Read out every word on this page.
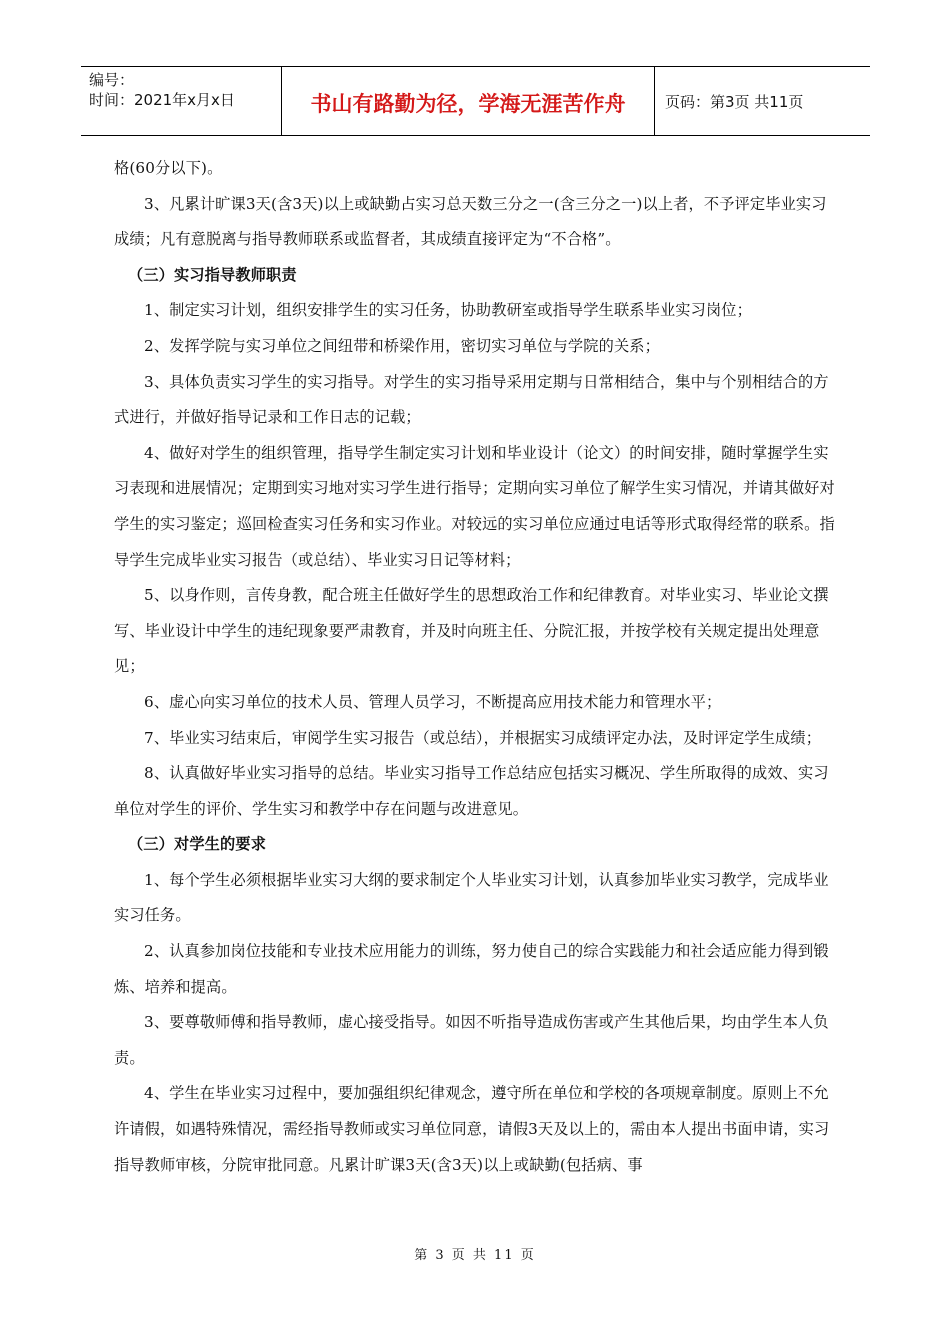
编号：
时间：2021年x月x日	书山有路勤为径，学海无涯苦作舟	页码：第3页 共11页

格(60分以下)。

3、凡累计旷课3天(含3天)以上或缺勤占实习总天数三分之一(含三分之一)以上者，不予评定毕业实习成绩；凡有意脱离与指导教师联系或监督者，其成绩直接评定为“不合格”。

（三）实习指导教师职责

1、制定实习计划，组织安排学生的实习任务，协助教研室或指导学生联系毕业实习岗位；

2、发挥学院与实习单位之间纽带和桥梁作用，密切实习单位与学院的关系；

3、具体负责实习学生的实习指导。对学生的实习指导采用定期与日常相结合，集中与个别相结合的方式进行，并做好指导记录和工作日志的记载；

4、做好对学生的组织管理，指导学生制定实习计划和毕业设计（论文）的时间安排，随时掌握学生实习表现和进展情况；定期到实习地对实习学生进行指导；定期向实习单位了解学生实习情况，并请其做好对学生的实习鉴定；巡回检查实习任务和实习作业。对较远的实习单位应通过电话等形式取得经常的联系。指导学生完成毕业实习报告（或总结）、毕业实习日记等材料；

5、以身作则，言传身教，配合班主任做好学生的思想政治工作和纪律教育。对毕业实习、毕业论文撰写、毕业设计中学生的违纪现象要严肃教育，并及时向班主任、分院汇报，并按学校有关规定提出处理意见；

6、虚心向实习单位的技术人员、管理人员学习，不断提高应用技术能力和管理水平；

7、毕业实习结束后，审阅学生实习报告（或总结），并根据实习成绩评定办法，及时评定学生成绩；

8、认真做好毕业实习指导的总结。毕业实习指导工作总结应包括实习概况、学生所取得的成效、实习单位对学生的评价、学生实习和教学中存在问题与改进意见。

（三）对学生的要求

1、每个学生必须根据毕业实习大纲的要求制定个人毕业实习计划，认真参加毕业实习教学，完成毕业实习任务。

2、认真参加岗位技能和专业技术应用能力的训练，努力使自己的综合实践能力和社会适应能力得到锻炼、培养和提高。

3、要尊敬师傅和指导教师，虚心接受指导。如因不听指导造成伤害或产生其他后果，均由学生本人负责。

4、学生在毕业实习过程中，要加强组织纪律观念，遵守所在单位和学校的各项规章制度。原则上不允许请假，如遇特殊情况，需经指导教师或实习单位同意，请假3天及以上的，需由本人提出书面申请，实习指导教师审核，分院审批同意。凡累计旷课3天(含3天)以上或缺勤(包括病、事

第 3 页 共 11 页
